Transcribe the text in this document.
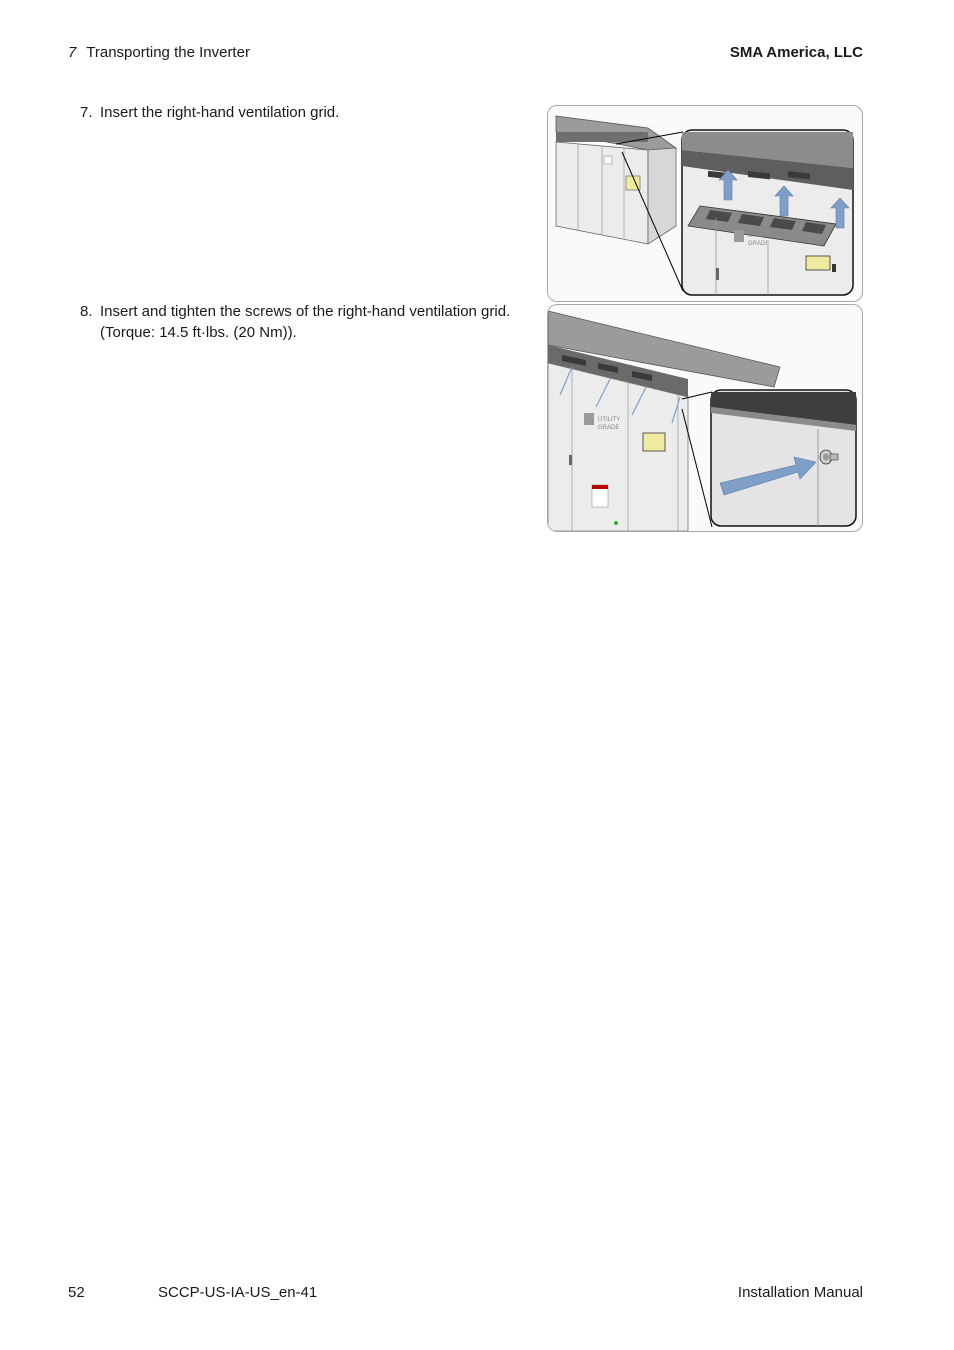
7 Transporting the Inverter	SMA America, LLC
7. Insert the right-hand ventilation grid.
8. Insert and tighten the screws of the right-hand ventilation grid.
(Torque: 14.5 ft·lbs. (20 Nm)).
UTILITY
GRADE
UTILITY
GRADE
52	SCCP-US-IA-US_en-41	Installation Manual
